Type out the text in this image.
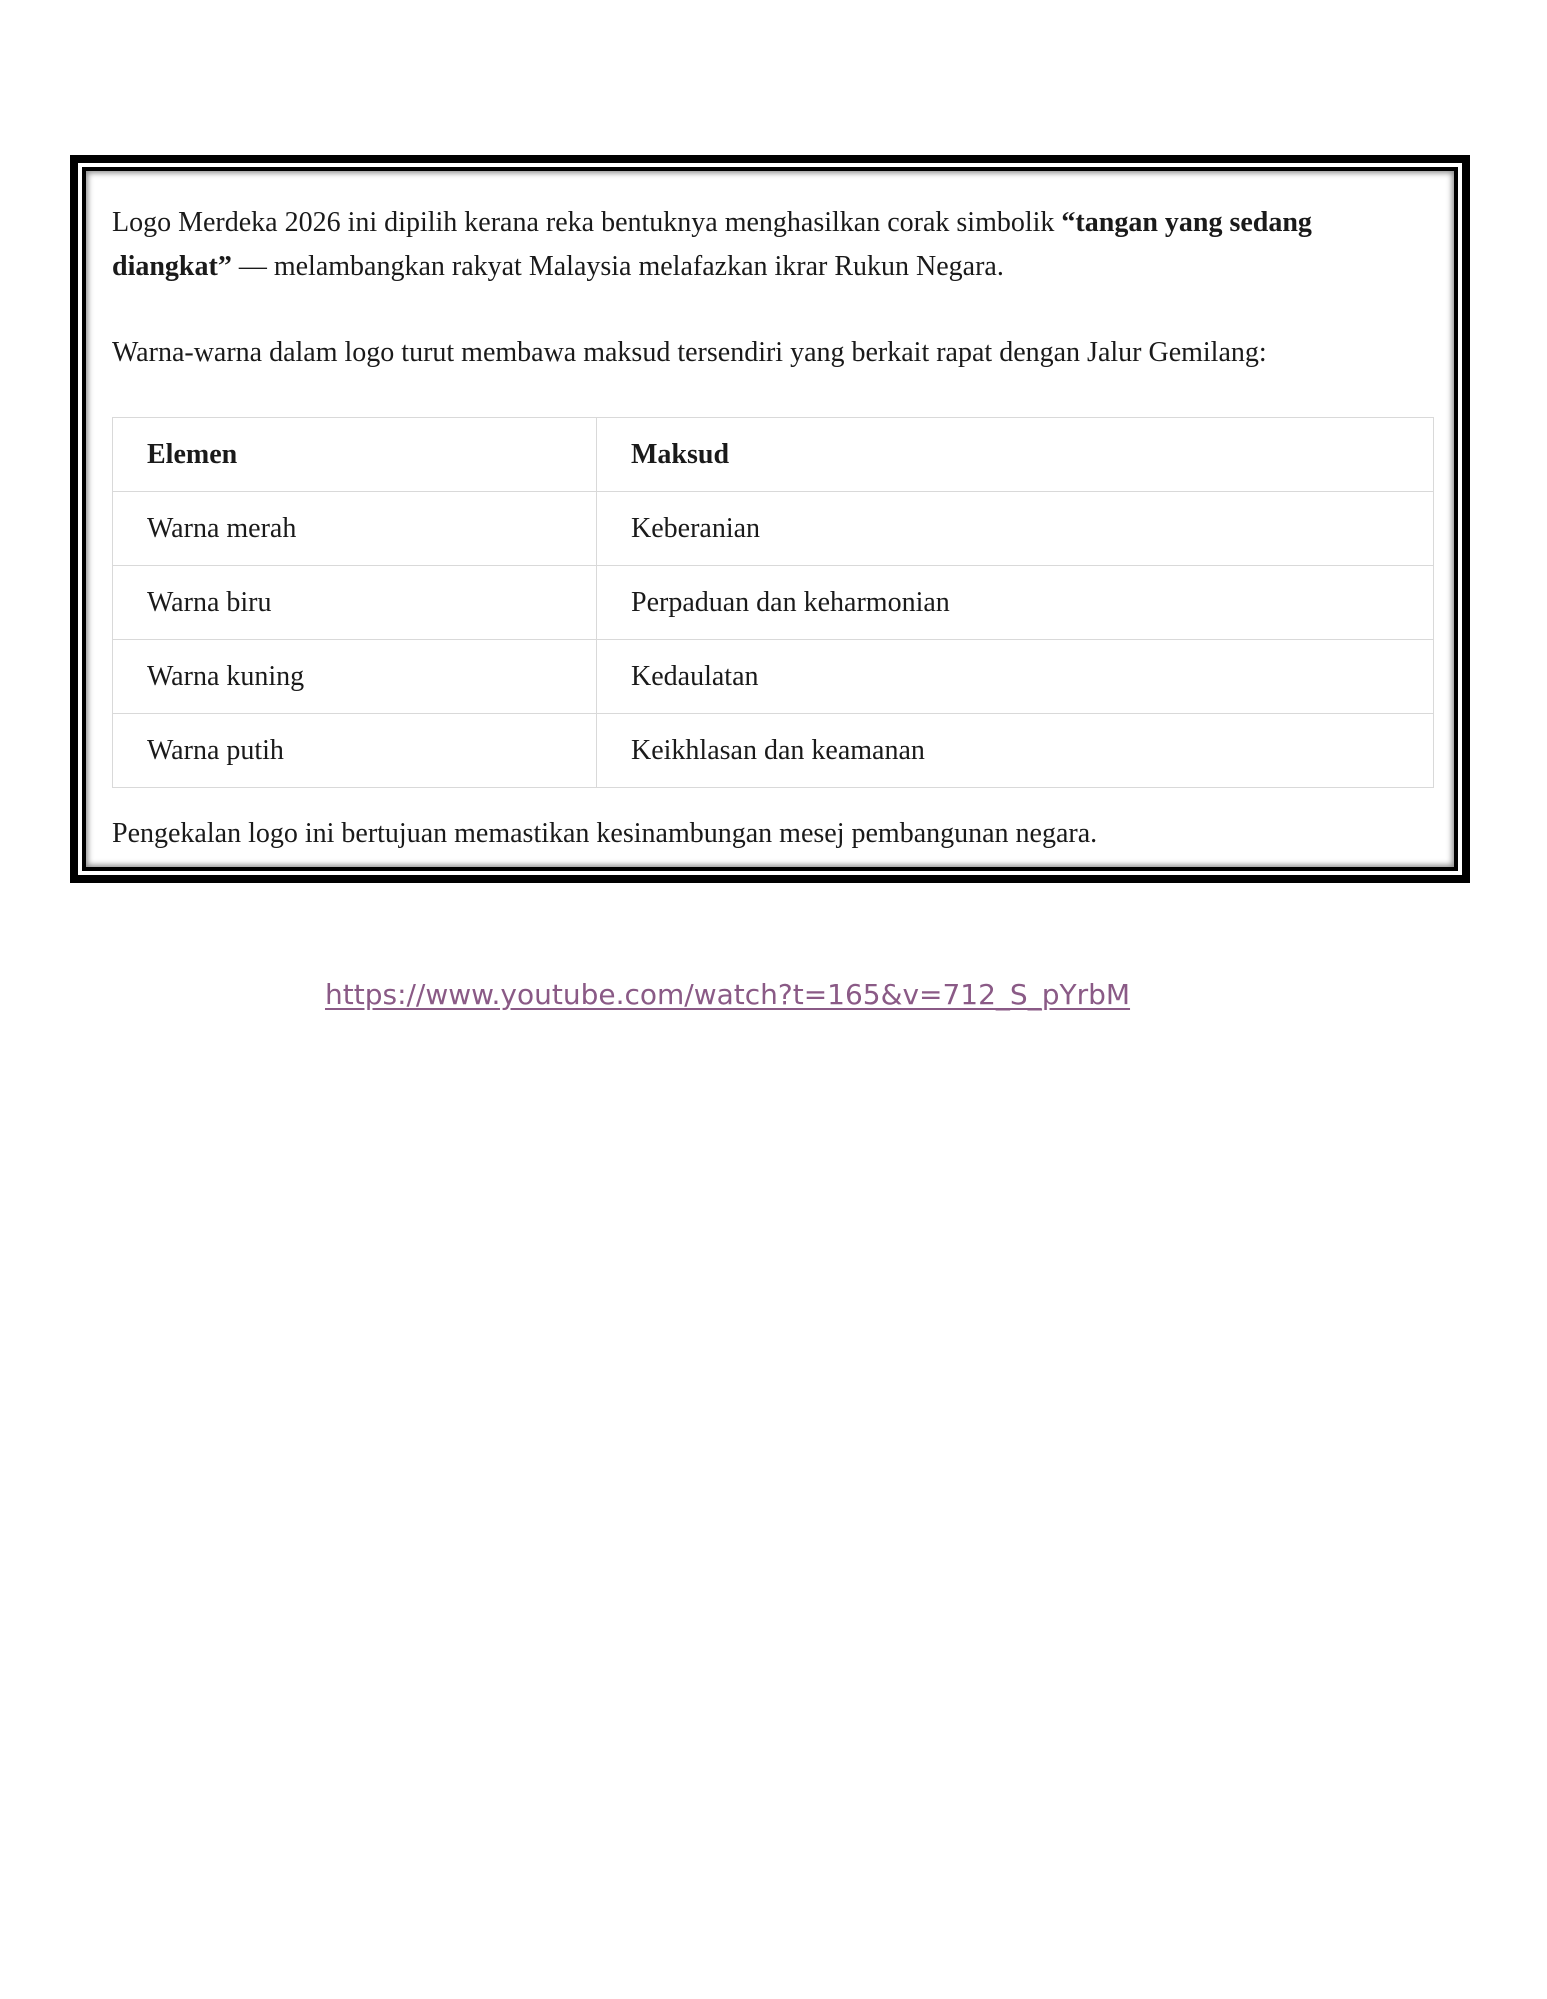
Logo Merdeka 2026 ini dipilih kerana reka bentuknya menghasilkan corak simbolik “tangan yang sedang diangkat” — melambangkan rakyat Malaysia melafazkan ikrar Rukun Negara.

Warna-warna dalam logo turut membawa maksud tersendiri yang berkait rapat dengan Jalur Gemilang:

Elemen	Maksud
Warna merah	Keberanian
Warna biru	Perpaduan dan keharmonian
Warna kuning	Kedaulatan
Warna putih	Keikhlasan dan keamanan

Pengekalan logo ini bertujuan memastikan kesinambungan mesej pembangunan negara.

https://www.youtube.com/watch?t=165&v=712_S_pYrbM
